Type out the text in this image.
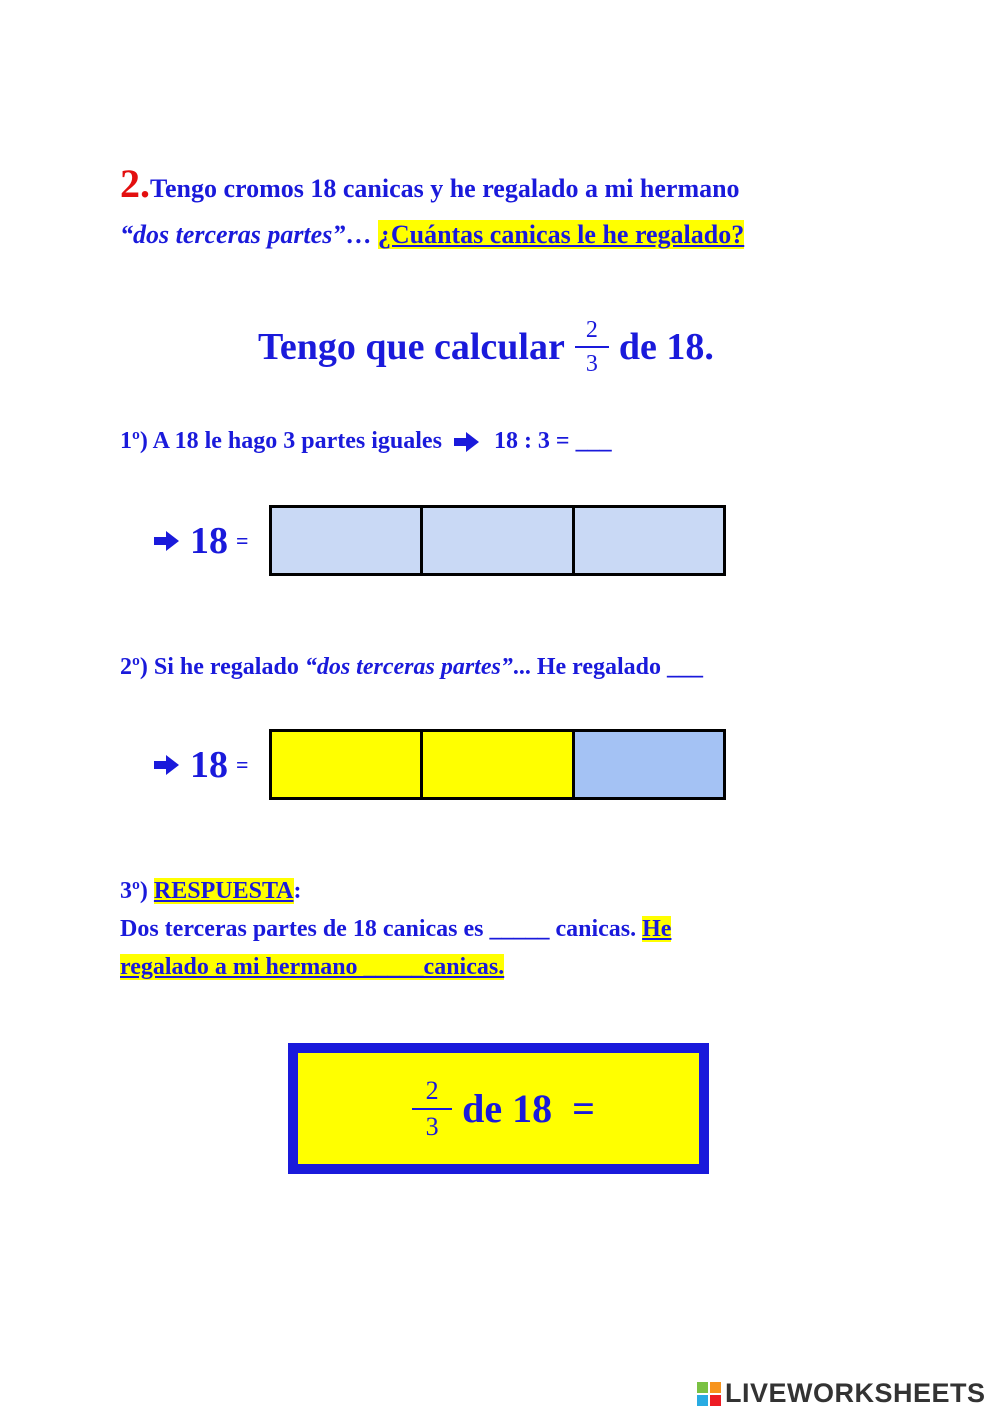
2.Tengo cromos 18 canicas y he regalado a mi hermano
“dos terceras partes”… ¿Cuántas canicas le he regalado?
Tengo que calcular $\frac{2}{3}$ de 18.
1º) A 18 le hago 3 partes iguales 18 : 3 = ___
18 =
2º) Si he regalado “dos terceras partes”... He regalado ___
18 =
3º) RESPUESTA:
Dos terceras partes de 18 canicas es _____ canicas. He
regalado a mi hermano _____canicas.
$\frac{2}{3}$ de 18  =
LIVEWORKSHEETS
